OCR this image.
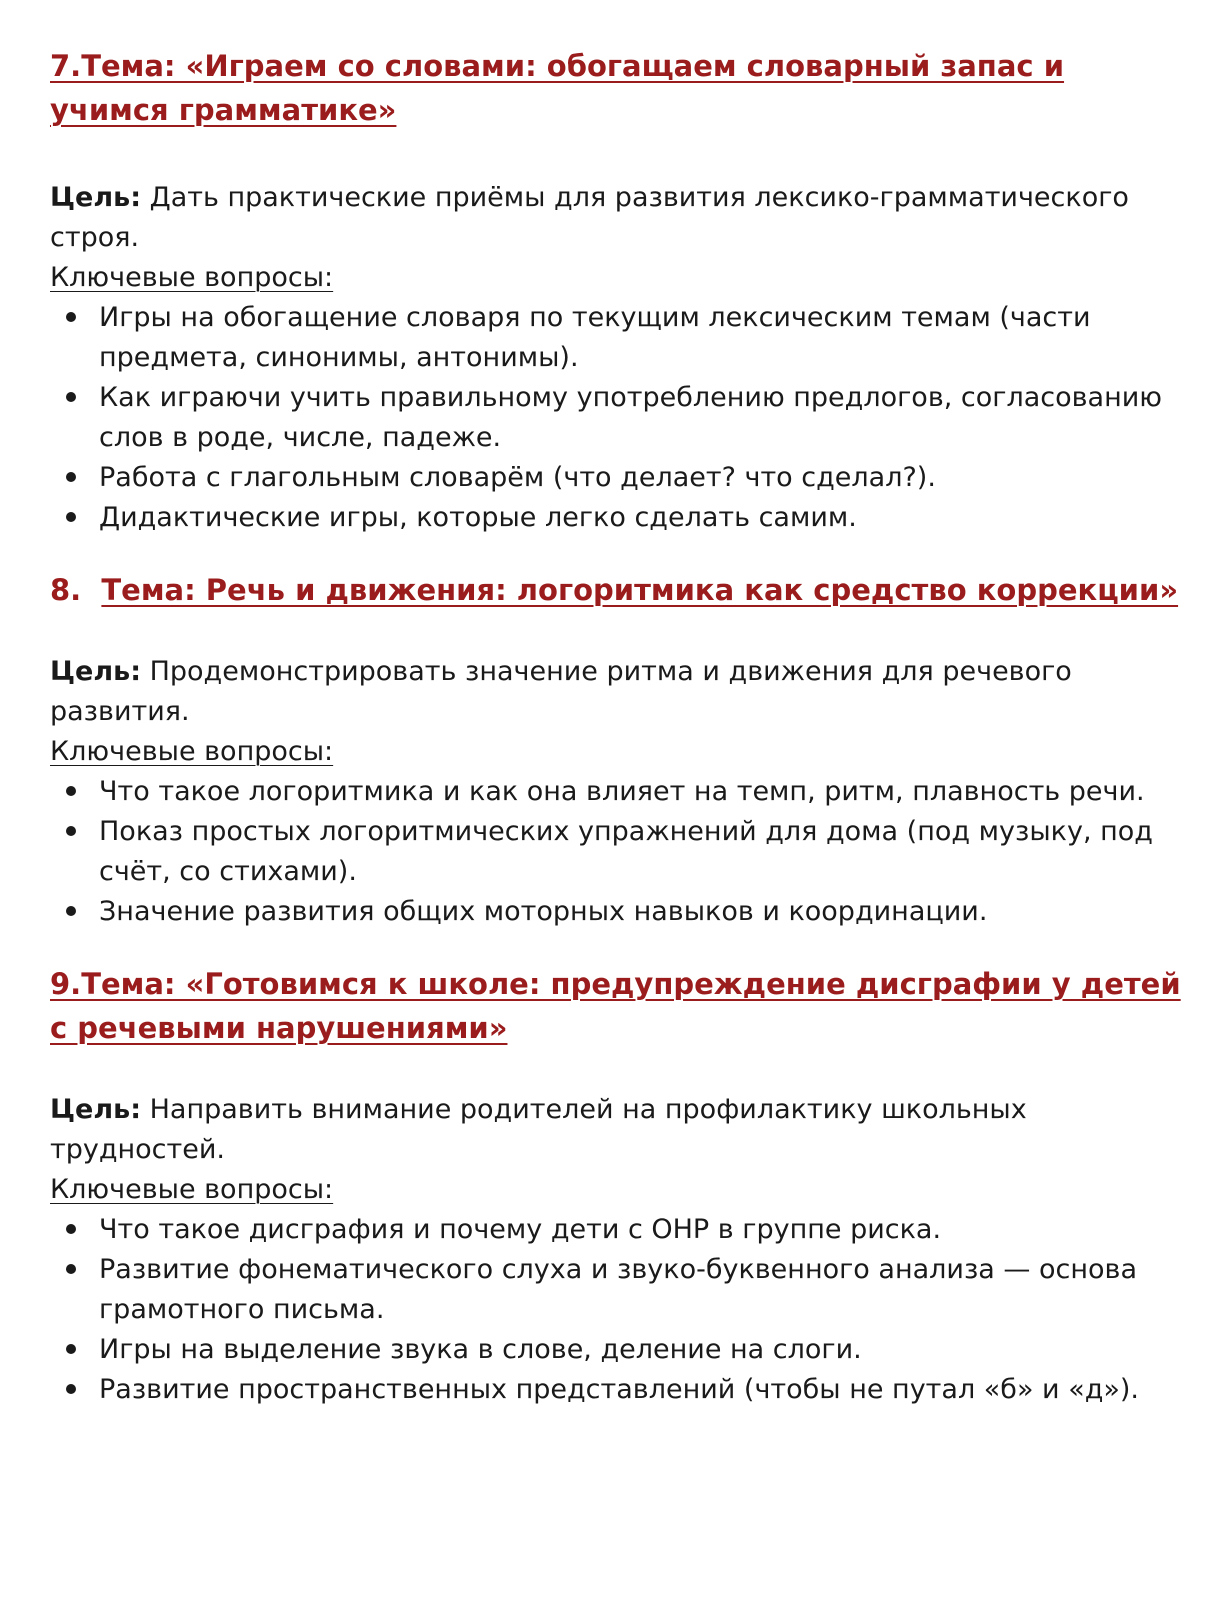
7.Тема: «Играем со словами: обогащаем словарный запас и учимся грамматике»

Цель: Дать практические приёмы для развития лексико-грамматического строя.

Ключевые вопросы:

Игры на обогащение словаря по текущим лексическим темам (части предмета, синонимы, антонимы).
Как играючи учить правильному употреблению предлогов, согласованию слов в роде, числе, падеже.
Работа с глагольным словарём (что делает? что сделал?).
Дидактические игры, которые легко сделать самим.
8.  Тема: Речь и движения: логоритмика как средство коррекции»

Цель: Продемонстрировать значение ритма и движения для речевого развития.

Ключевые вопросы:

Что такое логоритмика и как она влияет на темп, ритм, плавность речи.
Показ простых логоритмических упражнений для дома (под музыку, под счёт, со стихами).
Значение развития общих моторных навыков и координации.
9.Тема: «Готовимся к школе: предупреждение дисграфии у детей с речевыми нарушениями»

Цель: Направить внимание родителей на профилактику школьных трудностей.

Ключевые вопросы:

Что такое дисграфия и почему дети с ОНР в группе риска.
Развитие фонематического слуха и звуко-буквенного анализа — основа грамотного письма.
Игры на выделение звука в слове, деление на слоги.
Развитие пространственных представлений (чтобы не путал «б» и «д»).
